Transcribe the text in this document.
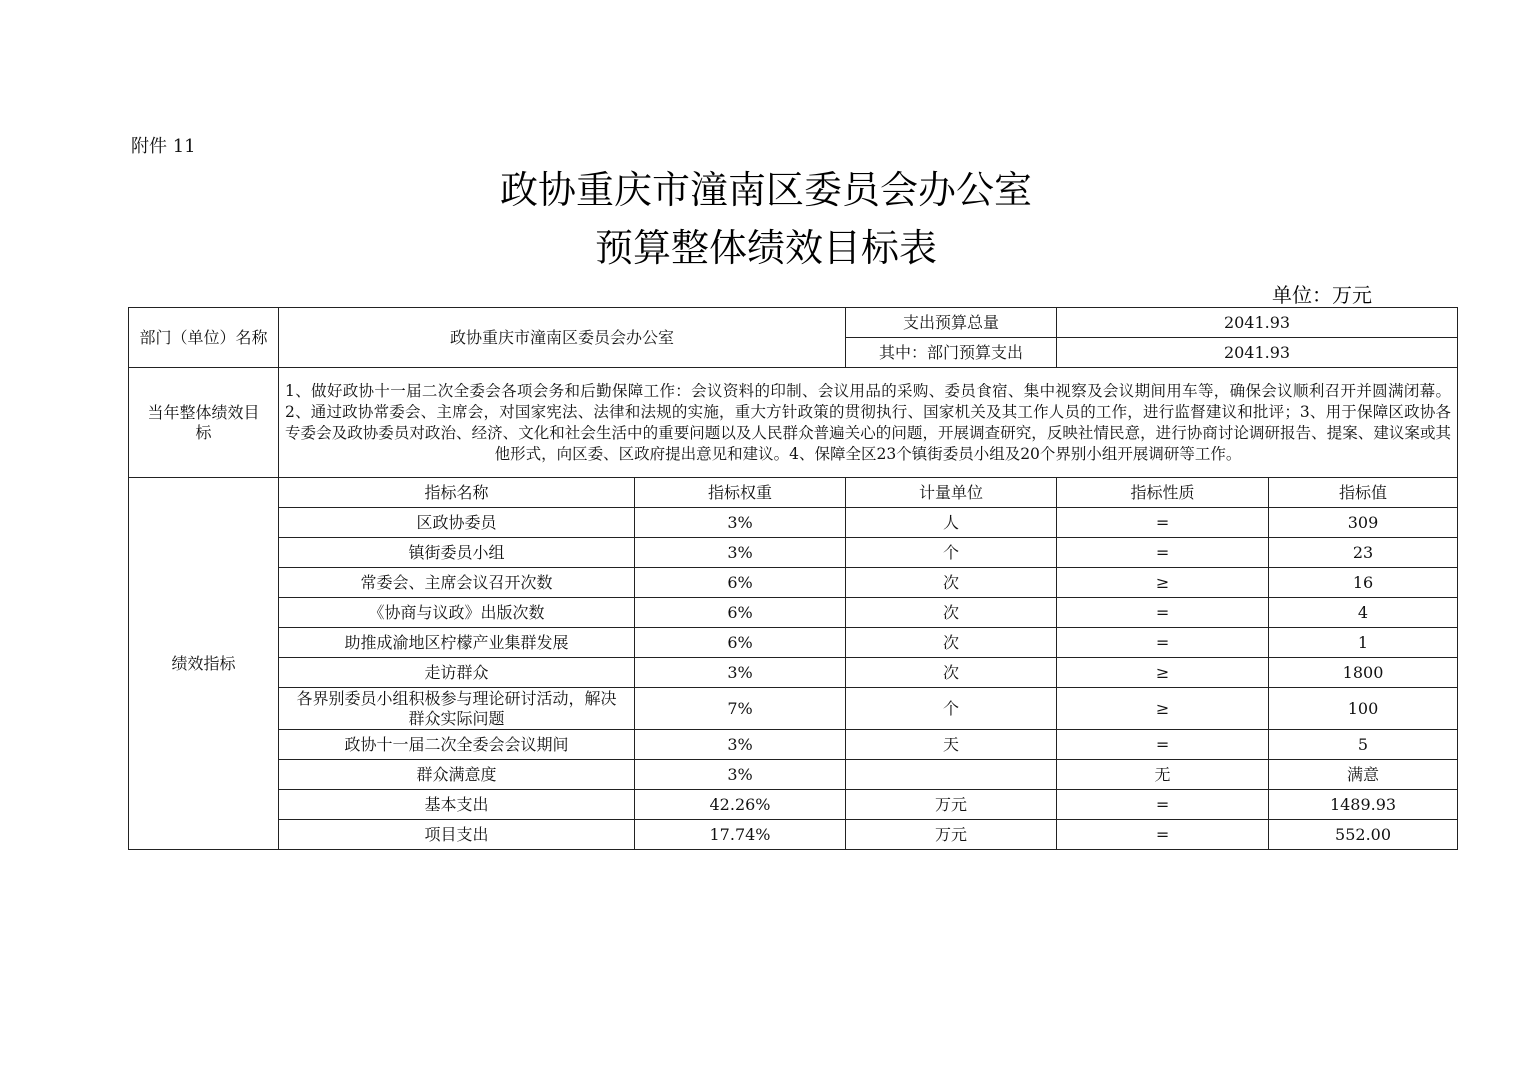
附件 11
政协重庆市潼南区委员会办公室
预算整体绩效目标表
单位：万元
部门（单位）名称	政协重庆市潼南区委员会办公室		支出预算总量	2041.93	
			其中：部门预算支出	2041.93	
当年整体绩效目标	1、做好政协十一届二次全委会各项会务和后勤保障工作：会议资料的印制、会议用品的采购、委员食宿、集中视察及会议期间用车等，确保会议顺利召开并圆满闭幕。2、通过政协常委会、主席会，对国家宪法、法律和法规的实施，重大方针政策的贯彻执行、国家机关及其工作人员的工作，进行监督建议和批评；3、用于保障区政协各专委会及政协委员对政治、经济、文化和社会生活中的重要问题以及人民群众普遍关心的问题，开展调查研究，反映社情民意，进行协商讨论调研报告、提案、建议案或其他形式，向区委、区政府提出意见和建议。4、保障全区23个镇街委员小组及20个界别小组开展调研等工作。				
绩效指标	指标名称	指标权重	计量单位	指标性质	指标值
	区政协委员	3%	人	=	309
	镇街委员小组	3%	个	=	23
	常委会、主席会议召开次数	6%	次	≥	16
	《协商与议政》出版次数	6%	次	=	4
	助推成渝地区柠檬产业集群发展	6%	次	=	1
	走访群众	3%	次	≥	1800
	各界别委员小组积极参与理论研讨活动，解决群众实际问题	7%	个	≥	100
	政协十一届二次全委会会议期间	3%	天	=	5
	群众满意度	3%		无	满意
	基本支出	42.26%	万元	=	1489.93
	项目支出	17.74%	万元	=	552.00
